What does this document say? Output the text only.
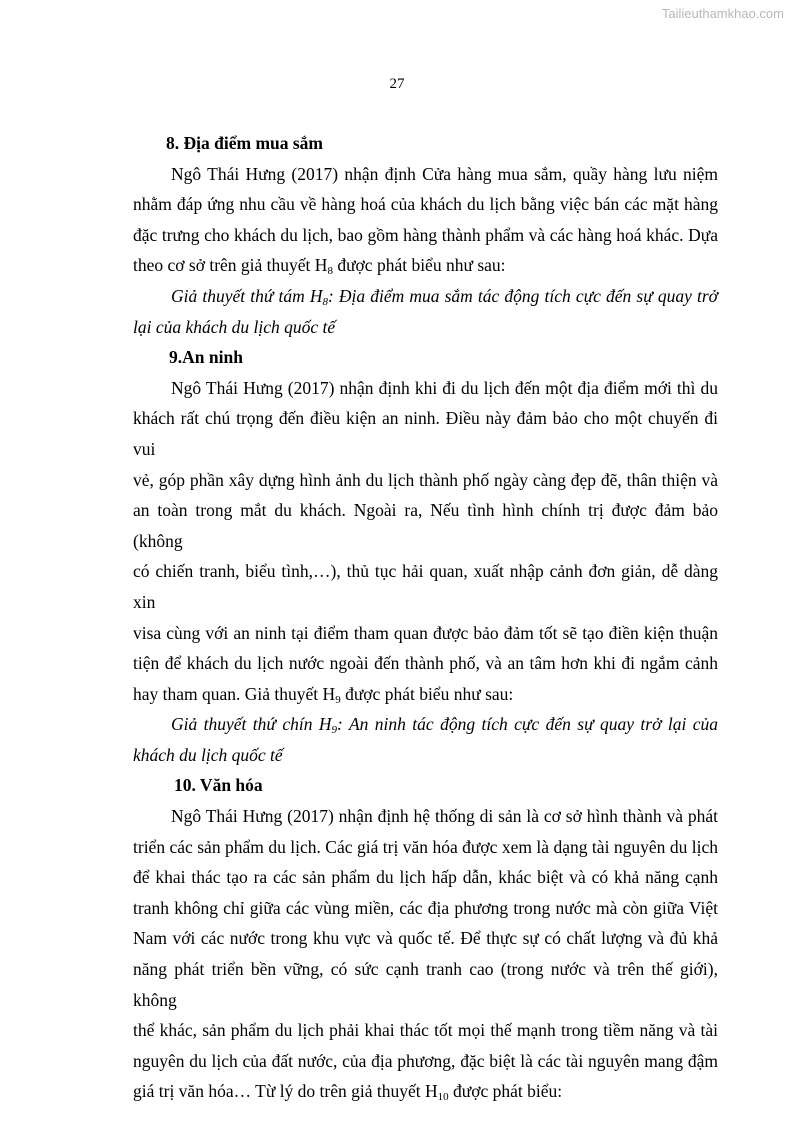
Tailieuthamkhao.com
27
8. Địa điểm mua sắm
Ngô Thái Hưng (2017) nhận định Cửa hàng mua sắm, quầy hàng lưu niệm
nhằm đáp ứng nhu cầu về hàng hoá của khách du lịch bằng việc bán các mặt hàng
đặc trưng cho khách du lịch, bao gồm hàng thành phẩm và các hàng hoá khác. Dựa
theo cơ sở trên giả thuyết $H_8$ được phát biểu như sau:
Giả thuyết thứ tám $H_8$: Địa điểm mua sắm tác động tích cực đến sự quay trở
lại của khách du lịch quốc tế
9.An ninh
Ngô Thái Hưng (2017) nhận định khi đi du lịch đến một địa điểm mới thì du
khách rất chú trọng đến điều kiện an ninh. Điều này đảm bảo cho một chuyến đi vui
vẻ, góp phần xây dựng hình ảnh du lịch thành phố ngày càng đẹp đẽ, thân thiện và
an toàn trong mắt du khách. Ngoài ra, Nếu tình hình chính trị được đảm bảo (không
có chiến tranh, biểu tình,…), thủ tục hải quan, xuất nhập cảnh đơn giản, dễ dàng xin
visa cùng với an ninh tại điểm tham quan được bảo đảm tốt sẽ tạo điền kiện thuận
tiện để khách du lịch nước ngoài đến thành phố, và an tâm hơn khi đi ngắm cảnh
hay tham quan. Giả thuyết $H_9$ được phát biểu như sau:
Giả thuyết thứ chín $H_9$: An ninh tác động tích cực đến sự quay trở lại của
khách du lịch quốc tế
10. Văn hóa
Ngô Thái Hưng (2017) nhận định hệ thống di sản là cơ sở hình thành và phát
triển các sản phẩm du lịch. Các giá trị văn hóa được xem là dạng tài nguyên du lịch
để khai thác tạo ra các sản phẩm du lịch hấp dẫn, khác biệt và có khả năng cạnh
tranh không chỉ giữa các vùng miền, các địa phương trong nước mà còn giữa Việt
Nam với các nước trong khu vực và quốc tế. Để thực sự có chất lượng và đủ khả
năng phát triển bền vững, có sức cạnh tranh cao (trong nước và trên thế giới), không
thể khác, sản phẩm du lịch phải khai thác tốt mọi thế mạnh trong tiềm năng và tài
nguyên du lịch của đất nước, của địa phương, đặc biệt là các tài nguyên mang đậm
giá trị văn hóa… Từ lý do trên giả thuyết $H_{10}$ được phát biểu:
